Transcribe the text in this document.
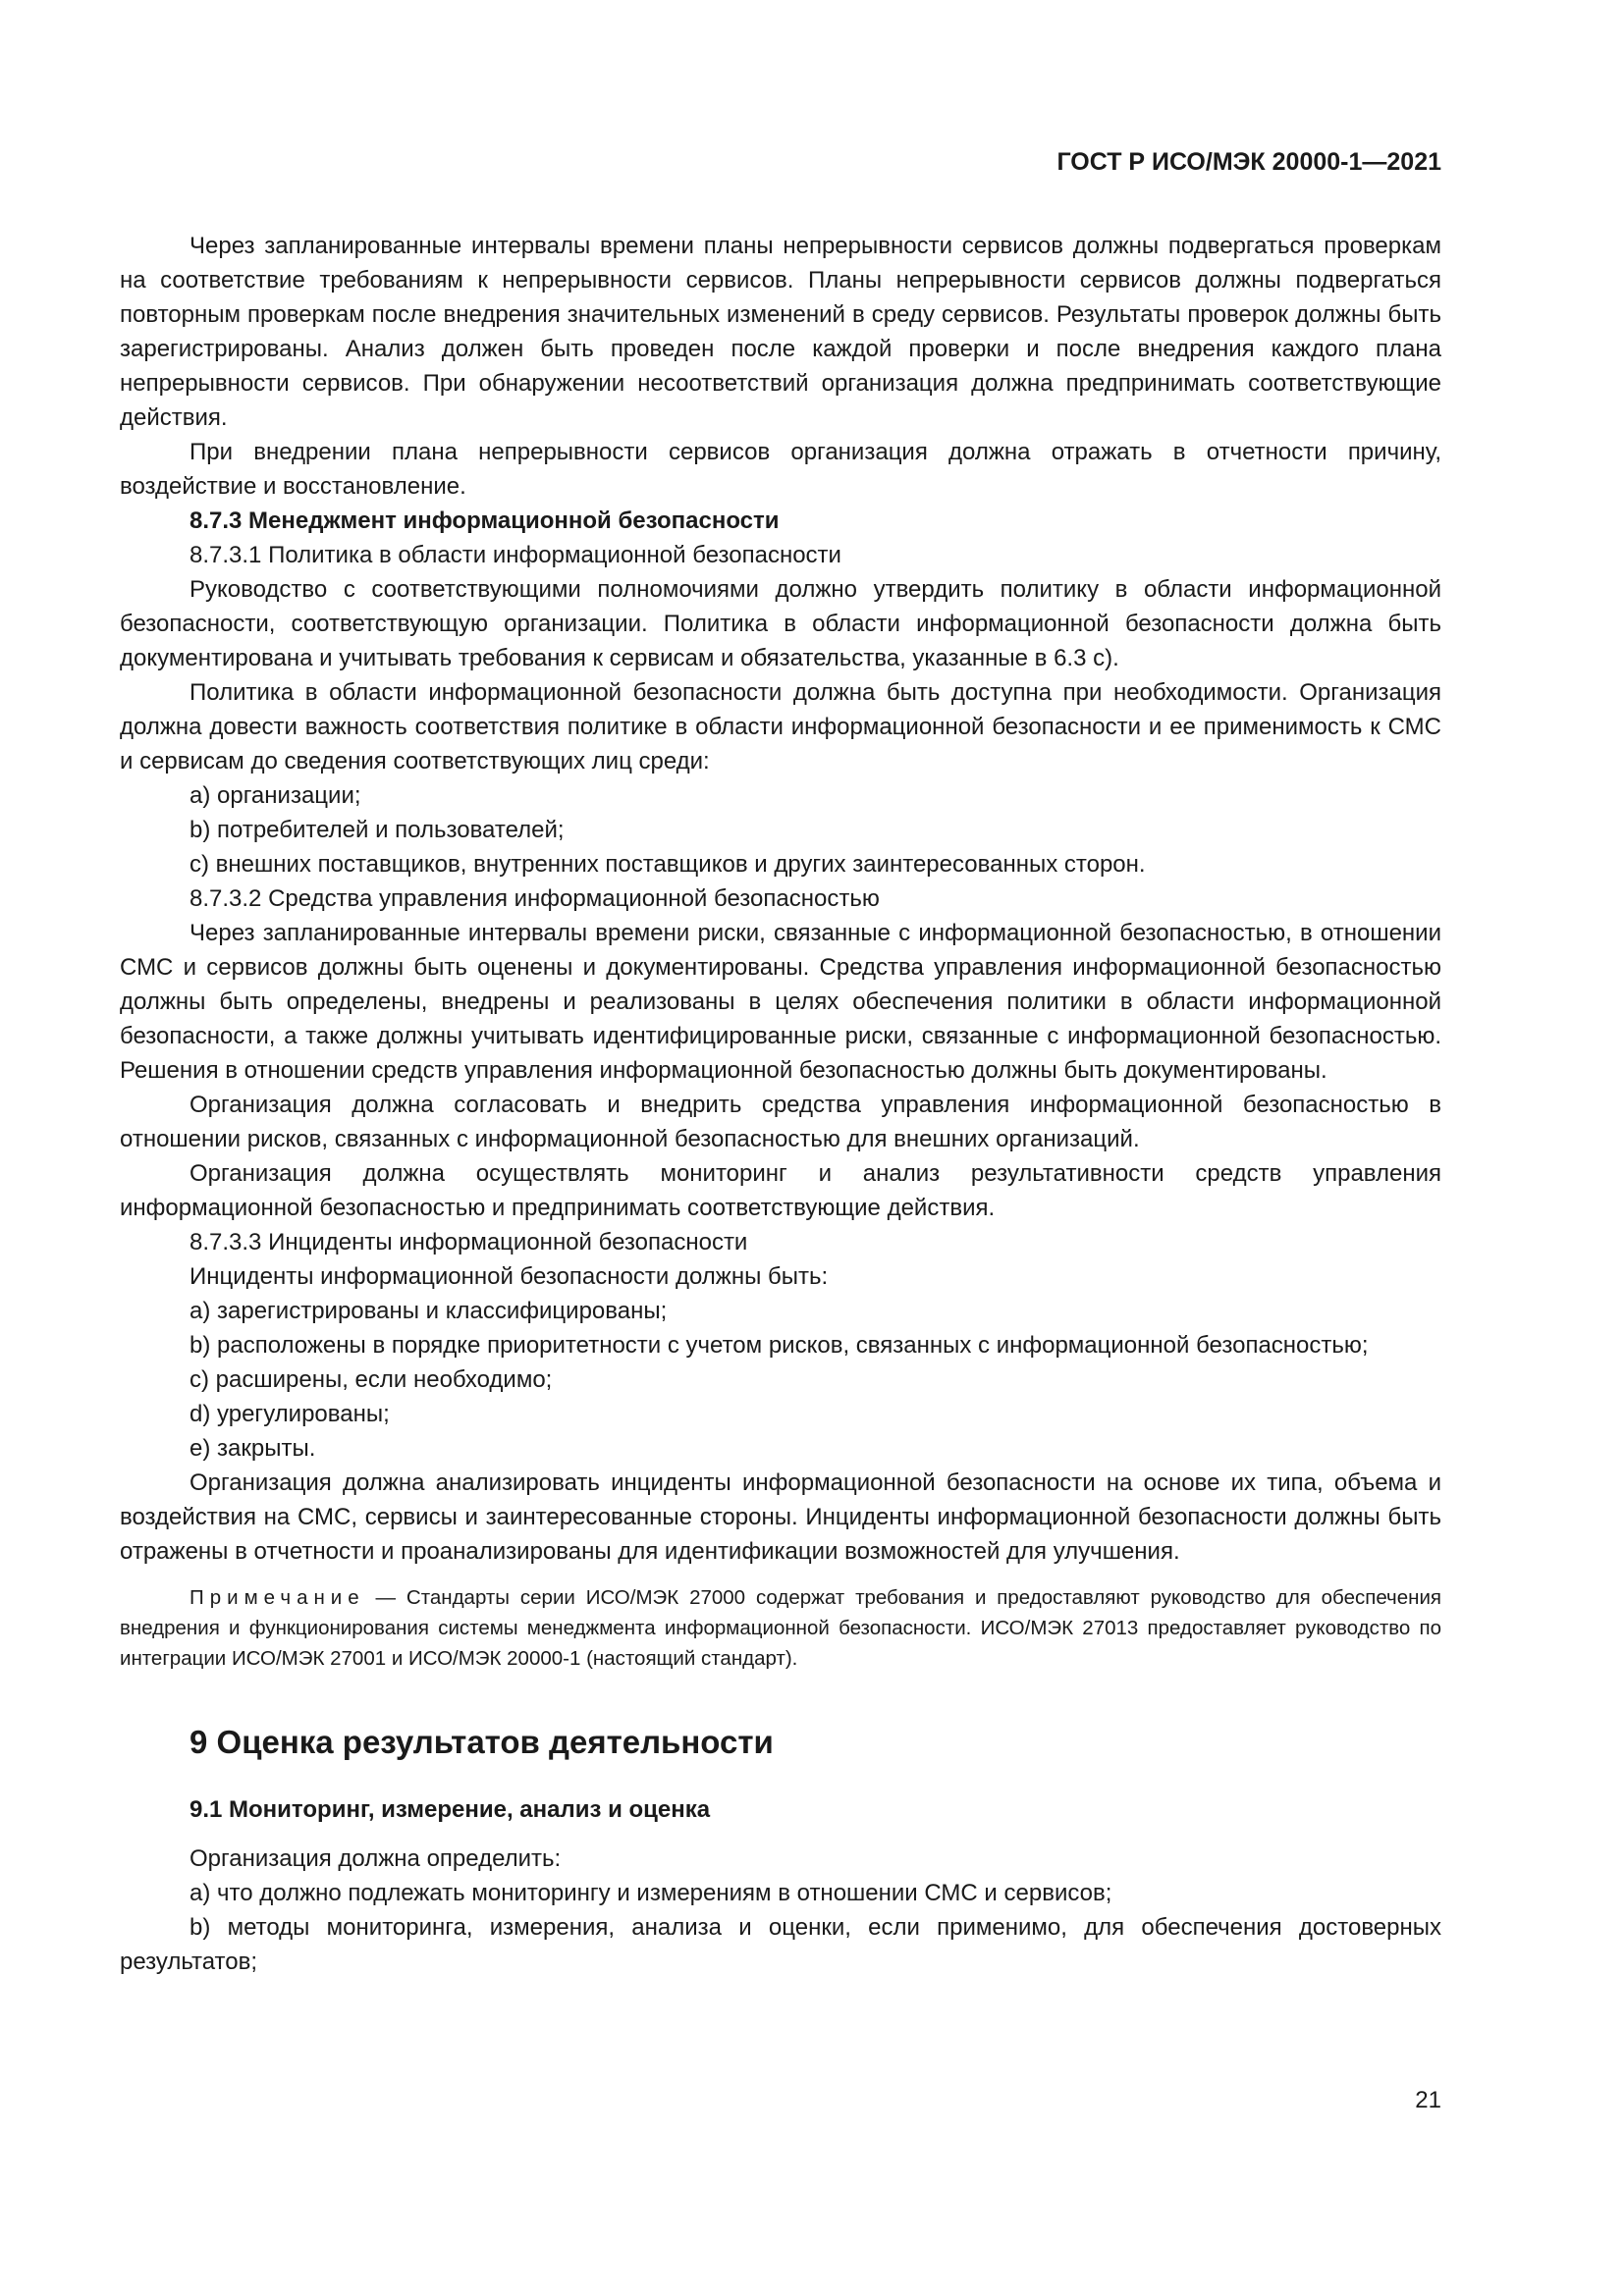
ГОСТ Р ИСО/МЭК 20000-1—2021

Через запланированные интервалы времени планы непрерывности сервисов должны подвергаться проверкам на соответствие требованиям к непрерывности сервисов. Планы непрерывности сервисов должны подвергаться повторным проверкам после внедрения значительных изменений в среду сервисов. Результаты проверок должны быть зарегистрированы. Анализ должен быть проведен после каждой проверки и после внедрения каждого плана непрерывности сервисов. При обнаружении несоответствий организация должна предпринимать соответствующие действия.

При внедрении плана непрерывности сервисов организация должна отражать в отчетности причину, воздействие и восстановление.

8.7.3 Менеджмент информационной безопасности

8.7.3.1 Политика в области информационной безопасности

Руководство с соответствующими полномочиями должно утвердить политику в области информационной безопасности, соответствующую организации. Политика в области информационной безопасности должна быть документирована и учитывать требования к сервисам и обязательства, указанные в 6.3 c).

Политика в области информационной безопасности должна быть доступна при необходимости. Организация должна довести важность соответствия политике в области информационной безопасности и ее применимость к СМС и сервисам до сведения соответствующих лиц среди:

a) организации;

b) потребителей и пользователей;

c) внешних поставщиков, внутренних поставщиков и других заинтересованных сторон.

8.7.3.2 Средства управления информационной безопасностью

Через запланированные интервалы времени риски, связанные с информационной безопасностью, в отношении СМС и сервисов должны быть оценены и документированы. Средства управления информационной безопасностью должны быть определены, внедрены и реализованы в целях обеспечения политики в области информационной безопасности, а также должны учитывать идентифицированные риски, связанные с информационной безопасностью. Решения в отношении средств управления информационной безопасностью должны быть документированы.

Организация должна согласовать и внедрить средства управления информационной безопасностью в отношении рисков, связанных с информационной безопасностью для внешних организаций.

Организация должна осуществлять мониторинг и анализ результативности средств управления информационной безопасностью и предпринимать соответствующие действия.

8.7.3.3 Инциденты информационной безопасности

Инциденты информационной безопасности должны быть:

a) зарегистрированы и классифицированы;

b) расположены в порядке приоритетности с учетом рисков, связанных с информационной безопасностью;

c) расширены, если необходимо;

d) урегулированы;

e) закрыты.

Организация должна анализировать инциденты информационной безопасности на основе их типа, объема и воздействия на СМС, сервисы и заинтересованные стороны. Инциденты информационной безопасности должны быть отражены в отчетности и проанализированы для идентификации возможностей для улучшения.

Примечание — Стандарты серии ИСО/МЭК 27000 содержат требования и предоставляют руководство для обеспечения внедрения и функционирования системы менеджмента информационной безопасности. ИСО/МЭК 27013 предоставляет руководство по интеграции ИСО/МЭК 27001 и ИСО/МЭК 20000-1 (настоящий стандарт).

9 Оценка результатов деятельности
9.1 Мониторинг, измерение, анализ и оценка

Организация должна определить:

a) что должно подлежать мониторингу и измерениям в отношении СМС и сервисов;

b) методы мониторинга, измерения, анализа и оценки, если применимо, для обеспечения достоверных результатов;

21
